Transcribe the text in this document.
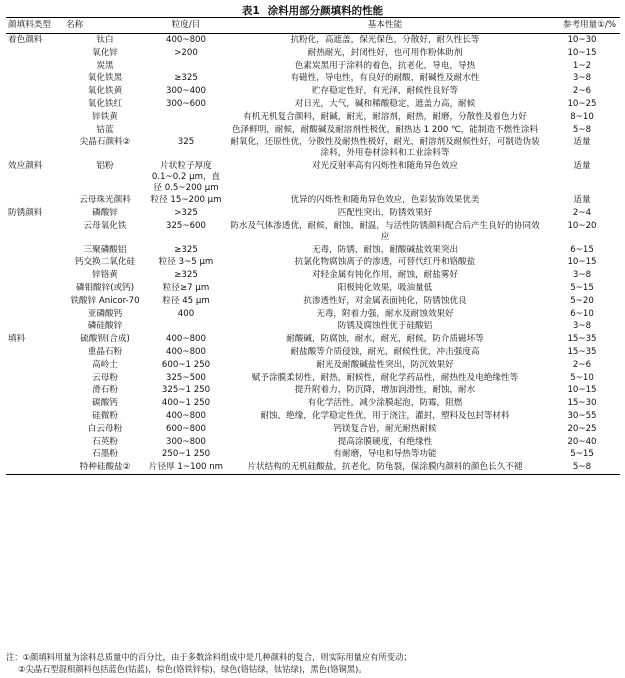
表1 涂料用部分颜填料的性能
颜填料类型	名称	粒度/目	基本性能	参考用量①/%
着色颜料	钛白	400~800	抗粉化，高遮盖，保光保色，分散好，耐久性长等	10~30
	氧化锌	>200	耐热耐光，封闭性好，也可用作粉体助剂	10~15
	炭黑		色素炭黑用于涂料的着色，抗老化，导电，导热	1~2
	氧化铁黑	≥325	有磁性，导电性，有良好的耐酸，耐碱性及耐水性	3~8
	氧化铁黄	300~400	贮存稳定性好，有光泽，耐候性良好等	2~6
	氧化铁红	300~600	对日光，大气，碱和稀酸稳定，遮盖力高，耐候	10~25
	锌铁黄		有机无机复合颜料，耐碱，耐光，耐溶剂，耐热，耐磨，分散性及着色力好	8~10
	钴蓝		色泽鲜明，耐候，耐酸碱及耐溶剂性极优，耐热达 1 200 ℃，能制造不燃性涂料	5~8
	尖晶石颜料②	325	耐氧化，还原性优，分散性及耐热性极好，耐光，耐溶剂及耐候性好，可制造伪装涂料，外用卷材涂料和工业涂料等	适量
效应颜料	铝粉	片状粒子厚度 0.1~0.2 μm，直径 0.5~200 μm	对光反射率高有闪烁性和随角异色效应	适量
	云母珠光颜料	粒径 15~200 μm	优异的闪烁性和随角异色效应，色彩装饰效果优美	适量
防锈颜料	磷酸锌	>325	匹配性突出，防锈效果好	2~4
	云母氧化铁	325~600	防水及气体渗透优，耐候，耐蚀，耐温，与活性防锈颜料配合后产生良好的协同效应	10~20
	三聚磷酸铝	≥325	无毒，防锈，耐蚀，耐酸碱盐效果突出	6~15
	钙交换二氧化硅	粒径 3~5 μm	抗氯化物腐蚀离子的渗透，可替代红丹和铬酸盐	10~15
	锌铬黄	≥325	对轻金属有钝化作用，耐蚀，耐盐雾好	3~8
	磷钼酸锌(或钙)	粒径≥7 μm	阳极钝化效果，吸油量低	5~15
	铁酸锌 Anicor-70	粒径 45 μm	抗渗透性好，对金属表面钝化，防锈蚀优良	5~20
	亚磷酸钙	400	无毒，附着力强，耐水及耐蚀效果好	6~10
	磷硅酸锌		防锈及腐蚀性优于硅酸铝	3~8
填料	硫酸钡(合成)	400~800	耐酸碱，防腐蚀，耐水，耐光，耐候，防介质磁坏等	15~35
	重晶石粉	400~800	耐盐酸等介质侵蚀，耐光，耐候性优，冲击强度高	15~35
	高岭土	600~1 250	耐光及耐酸碱盐性突出，防沉效果好	2~6
	云母粉	325~500	赋予涂膜柔韧性，耐热，耐候性，耐化学药品性，耐热性及电绝缘性等	5~10
	滑石粉	325~1 250	提升附着力，防沉降，增加润滑性，耐蚀，耐水	10~15
	碳酸钙	400~1 250	有化学活性，减少涂膜起泡，防霉，阻燃	15~30
	硅微粉	400~800	耐蚀，绝缘，化学稳定性优，用于浇注，灌封，塑料及包封等材料	30~55
	白云母粉	600~800	钙镁复合岩，耐光耐热耐候	20~25
	石英粉	300~800	提高涂膜硬度，有绝缘性	20~40
	石墨粉	250~1 250	有耐磨，导电和导热等功能	5~15
	特种硅酸盐②	片径厚 1~100 nm	片状结构的无机硅酸盐，抗老化，防龟裂，保涂膜内颜料的颜色长久不褪	5~8
注：①颜填料用量为涂料总质量中的百分比，由于多数涂料组成中是几种颜料的复合，则实际用量应有所变动；
②尖晶石型混相颜料包括蓝色(钴蓝)，棕色(铬铁锌棕)，绿色(铬钴绿，钛钴绿)，黑色(铬铜黑)。
